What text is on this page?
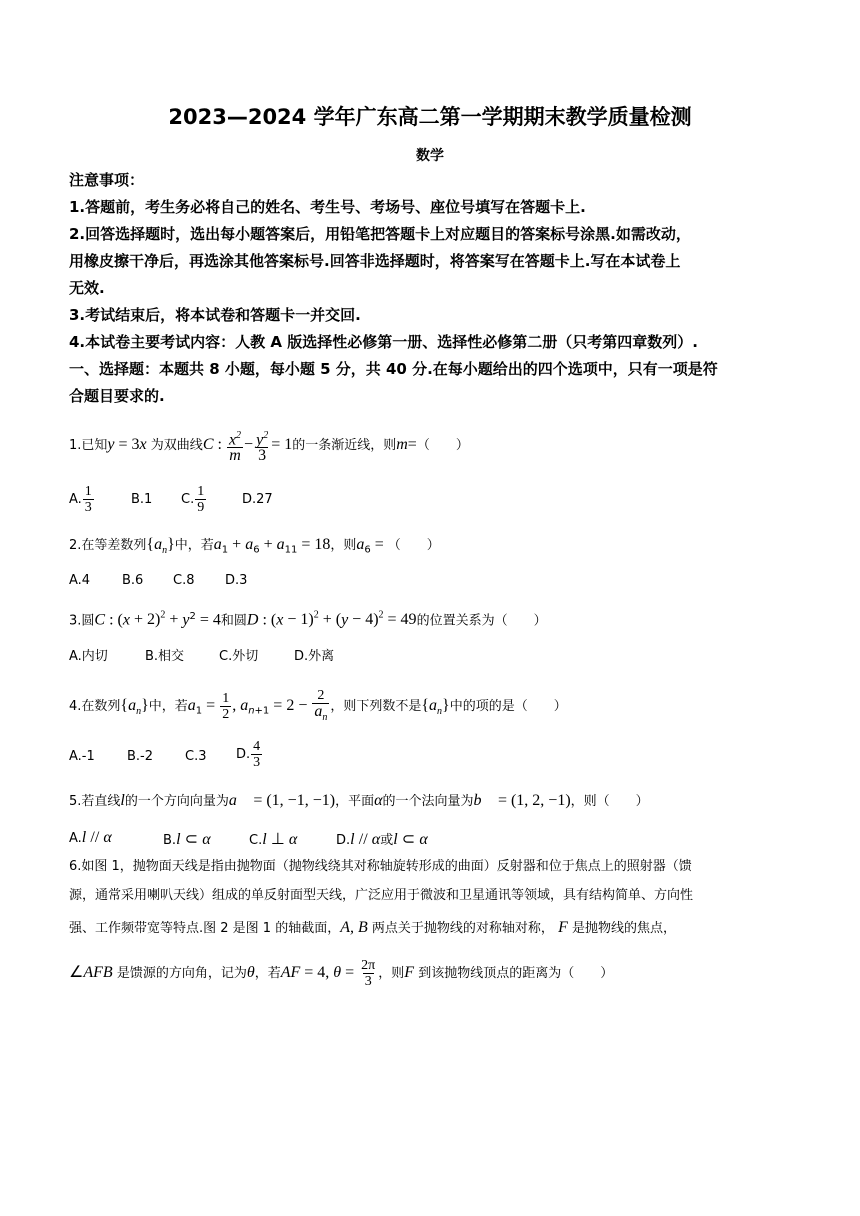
2023—2024 学年广东高二第一学期期末教学质量检测
数学
注意事项：
1.答题前，考生务必将自己的姓名、考生号、考场号、座位号填写在答题卡上.
2.回答选择题时，选出每小题答案后，用铅笔把答题卡上对应题目的答案标号涂黑.如需改动，
用橡皮擦干净后，再选涂其他答案标号.回答非选择题时，将答案写在答题卡上.写在本试卷上
无效.
3.考试结束后，将本试卷和答题卡一并交回.
4.本试卷主要考试内容：人教 A 版选择性必修第一册、选择性必修第二册（只考第四章数列）.
一、选择题：本题共 8 小题，每小题 5 分，共 40 分.在每小题给出的四个选项中，只有一项是符
合题目要求的.
1.已知y = 3x 为双曲线C : $\frac{x^2}{m} - \frac{y^2}{3} = 1$的一条渐近线，则m=（　　）
A. $\frac{1}{3}$	B.1 C. $\frac{1}{9}$	D.27
2.在等差数列$\{a_n\}$中，若$a_1 + a_6 + a_{11} = 18$，则$a_6$ = （　　）
A.4 B.6 C.8 D.3
3.圆C : $(x + 2)^2 + y^2 = 4$和圆D : $(x - 1)^2 + (y - 4)^2 = 49$的位置关系为（　　）
A.内切	B.相交	C.外切	D.外离
4.在数列$\{a_n\}$中，若$a_1 = \frac{1}{2}$ , $a_{n+1} = 2 - \frac{2}{a_n}$ ，则下列数不是$\{a_n\}$中的项的是（　　）
A.-1 B.-2 C.3 D. $\frac{4}{3}$
5.若直线l的一个方向向量为a⃗ = (1, −1, −1)，平面α的一个法向量为b⃗ = (1, 2, −1)，则（　　）
A.l // α	B.l ⊂ α	C.l ⊥ α	D.l // α或l ⊂ α
6.如图 1，抛物面天线是指由抛物面（抛物线绕其对称轴旋转形成的曲面）反射器和位于焦点上的照射器（馈
源，通常采用喇叭天线）组成的单反射面型天线，广泛应用于微波和卫星通讯等领域，具有结构简单、方向性
强、工作频带宽等特点.图 2 是图 1 的轴截面，A, B 两点关于抛物线的对称轴对称， F 是抛物线的焦点，
∠AFB 是馈源的方向角，记为θ，若AF = 4, $\theta = \frac{2\pi}{3}$ ，则F 到该抛物线顶点的距离为（　　）
